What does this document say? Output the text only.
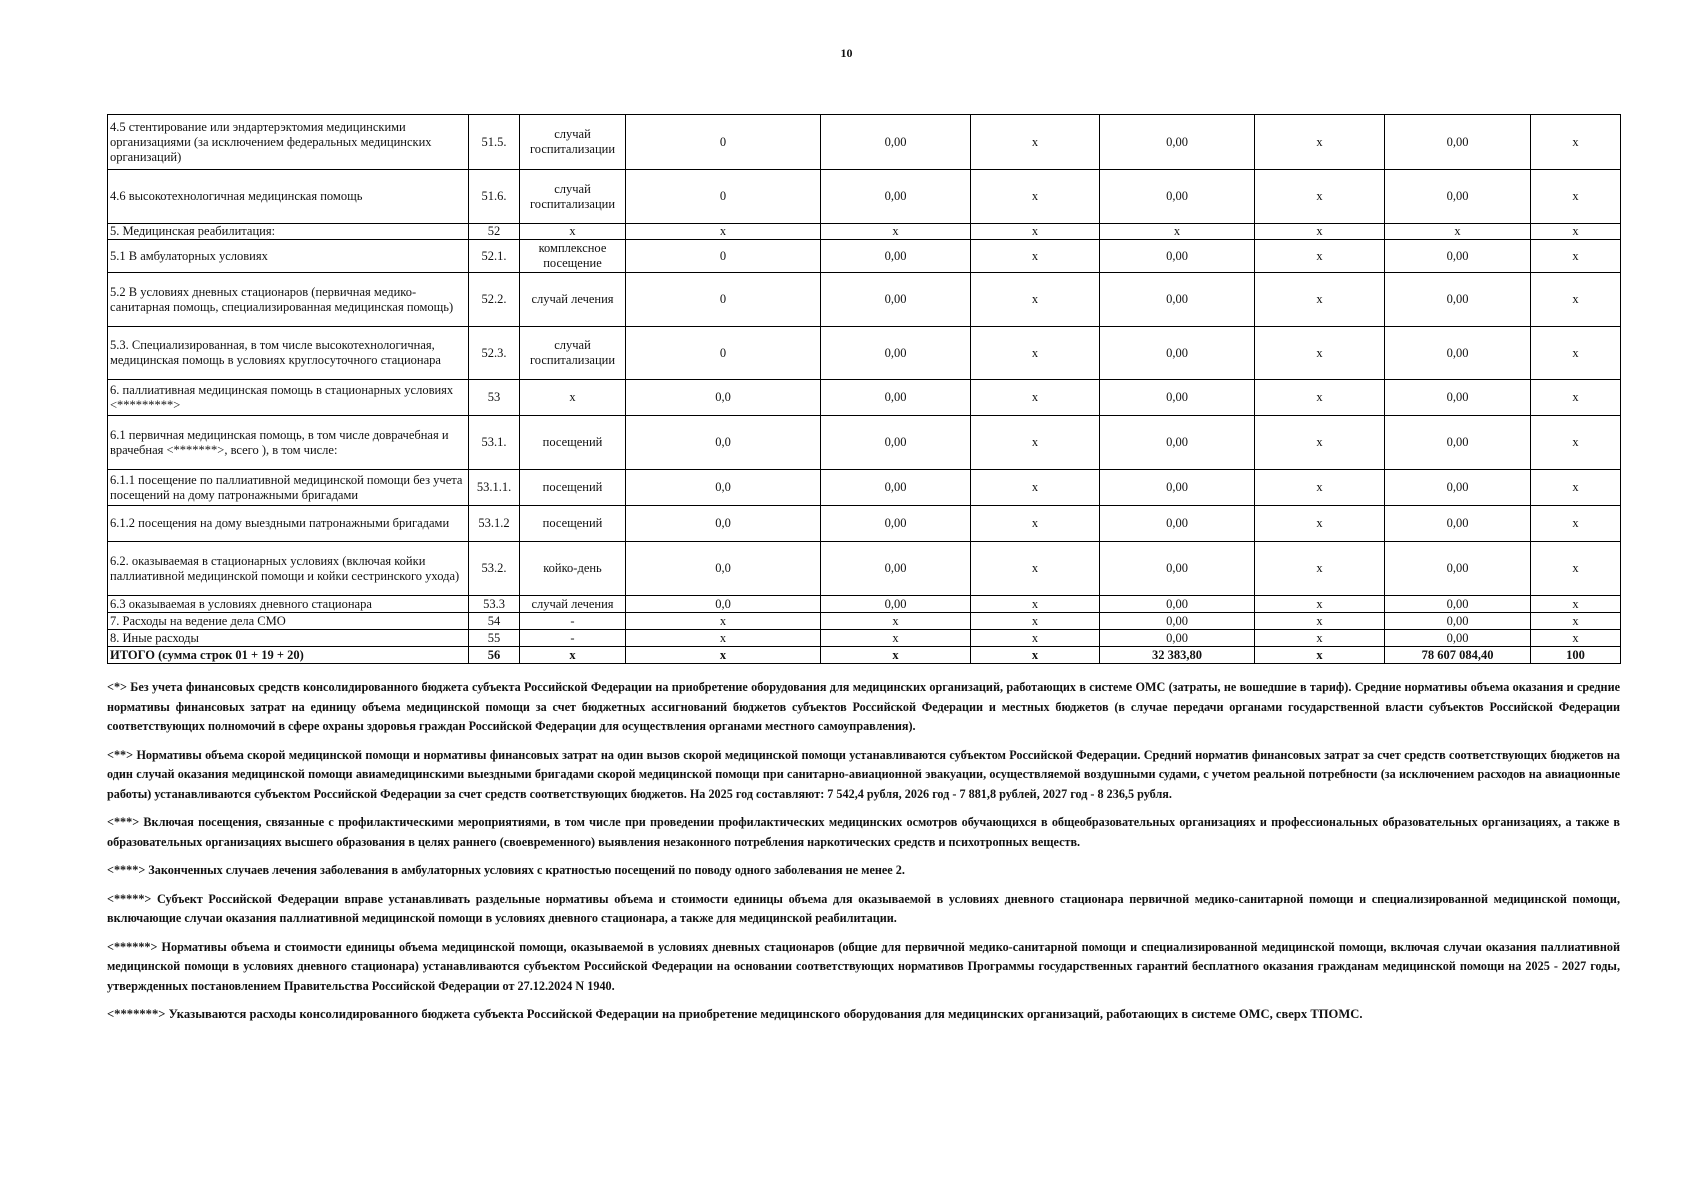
10
4.5 стентирование или эндартерэктомия медицинскими организациями (за исключением федеральных медицинских организаций)	51.5.	случай госпитализации	0	0,00	x	0,00	x	0,00	x
4.6 высокотехнологичная медицинская помощь	51.6.	случай госпитализации	0	0,00	x	0,00	x	0,00	x
5. Медицинская реабилитация:	52	x	x	x	x	x	x	x	x
5.1 В амбулаторных условиях	52.1.	комплексное посещение	0	0,00	x	0,00	x	0,00	x
5.2 В условиях дневных стационаров (первичная медико-санитарная помощь, специализированная медицинская помощь)	52.2.	случай лечения	0	0,00	x	0,00	x	0,00	x
5.3. Специализированная, в том числе высокотехнологичная, медицинская помощь в условиях круглосуточного стационара	52.3.	случай госпитализации	0	0,00	x	0,00	x	0,00	x
6. паллиативная медицинская помощь в стационарных условиях <*********>	53	x	0,0	0,00	x	0,00	x	0,00	x
6.1 первичная медицинская помощь, в том числе доврачебная и врачебная <*******>, всего ), в том числе:	53.1.	посещений	0,0	0,00	x	0,00	x	0,00	x
6.1.1 посещение по паллиативной медицинской помощи без учета посещений на дому патронажными бригадами	53.1.1.	посещений	0,0	0,00	x	0,00	x	0,00	x
6.1.2 посещения на дому выездными патронажными бригадами	53.1.2	посещений	0,0	0,00	x	0,00	x	0,00	x
6.2. оказываемая в стационарных условиях (включая койки паллиативной медицинской помощи и койки сестринского ухода)	53.2.	койко-день	0,0	0,00	x	0,00	x	0,00	x
6.3 оказываемая в условиях дневного стационара	53.3	случай лечения	0,0	0,00	x	0,00	x	0,00	x
7. Расходы на ведение дела СМО	54	-	x	x	x	0,00	x	0,00	x
8. Иные расходы	55	-	x	x	x	0,00	x	0,00	x
ИТОГО (сумма строк 01 + 19 + 20)	56	x	x	x	x	32 383,80	x	78 607 084,40	100

<*> Без учета финансовых средств консолидированного бюджета субъекта Российской Федерации на приобретение оборудования для медицинских организаций, работающих в системе ОМС (затраты, не вошедшие в тариф). Средние нормативы объема оказания и средние нормативы финансовых затрат на единицу объема медицинской помощи за счет бюджетных ассигнований бюджетов субъектов Российской Федерации и местных бюджетов (в случае передачи органами государственной власти субъектов Российской Федерации соответствующих полномочий в сфере охраны здоровья граждан Российской Федерации для осуществления органами местного самоуправления).

<**> Нормативы объема скорой медицинской помощи и нормативы финансовых затрат на один вызов скорой медицинской помощи устанавливаются субъектом Российской Федерации. Средний норматив финансовых затрат за счет средств соответствующих бюджетов на один случай оказания медицинской помощи авиамедицинскими выездными бригадами скорой медицинской помощи при санитарно-авиационной эвакуации, осуществляемой воздушными судами, с учетом реальной потребности (за исключением расходов на авиационные работы) устанавливаются субъектом Российской Федерации за счет средств соответствующих бюджетов. На 2025 год составляют: 7 542,4 рубля, 2026 год - 7 881,8 рублей, 2027 год - 8 236,5 рубля.

<***> Включая посещения, связанные с профилактическими мероприятиями, в том числе при проведении профилактических медицинских осмотров обучающихся в общеобразовательных организациях и профессиональных образовательных организациях, а также в образовательных организациях высшего образования в целях раннего (своевременного) выявления незаконного потребления наркотических средств и психотропных веществ.

<****> Законченных случаев лечения заболевания в амбулаторных условиях с кратностью посещений по поводу одного заболевания не менее 2.

<*****> Субъект Российской Федерации вправе устанавливать раздельные нормативы объема и стоимости единицы объема для оказываемой в условиях дневного стационара первичной медико-санитарной помощи и специализированной медицинской помощи, включающие случаи оказания паллиативной медицинской помощи в условиях дневного стационара, а также для медицинской реабилитации.

<******> Нормативы объема и стоимости единицы объема медицинской помощи, оказываемой в условиях дневных стационаров (общие для первичной медико-санитарной помощи и специализированной медицинской помощи, включая случаи оказания паллиативной медицинской помощи в условиях дневного стационара) устанавливаются субъектом Российской Федерации на основании соответствующих нормативов Программы государственных гарантий бесплатного оказания гражданам медицинской помощи на 2025 - 2027 годы, утвержденных постановлением Правительства Российской Федерации от 27.12.2024 N 1940.

<*******> Указываются расходы консолидированного бюджета субъекта Российской Федерации на приобретение медицинского оборудования для медицинских организаций, работающих в системе ОМС, сверх ТПОМС.
